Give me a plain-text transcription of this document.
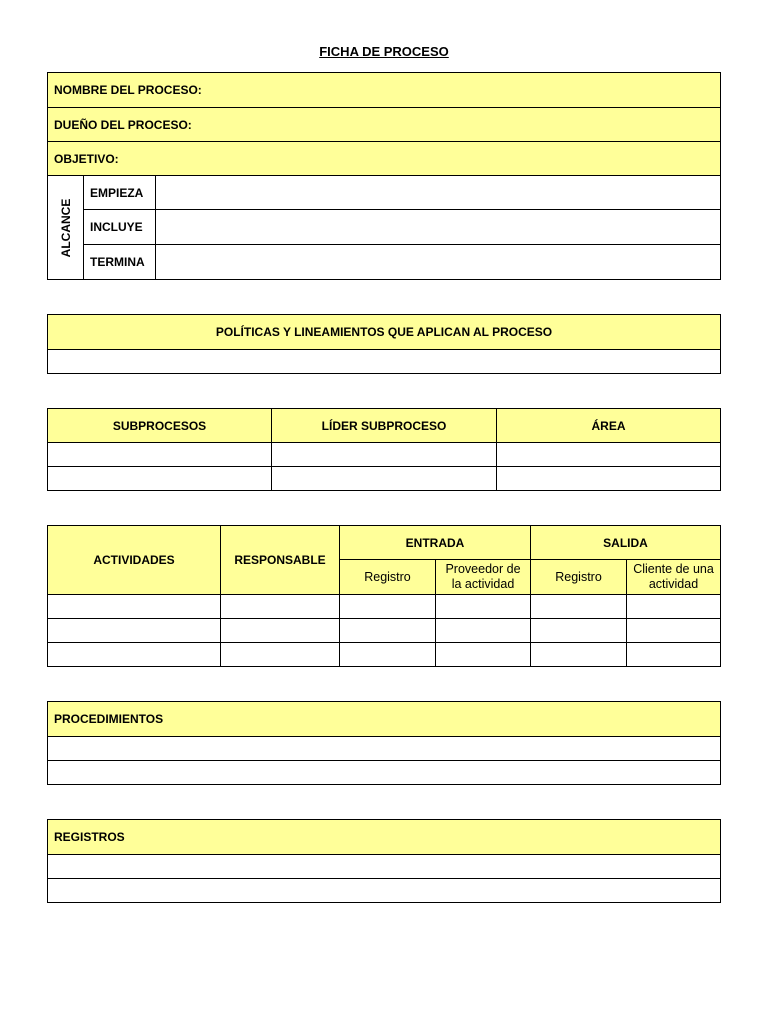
FICHA DE PROCESO
NOMBRE DEL PROCESO:		
DUEÑO DEL PROCESO:		
OBJETIVO:		

ALCANCE	EMPIEZA	
	INCLUYE	
	TERMINA	
POLÍTICAS Y LINEAMIENTOS QUE APLICAN AL PROCESO

SUBPROCESOS	LÍDER SUBPROCESO	ÁREA

ACTIVIDADES	RESPONSABLE	ENTRADA		SALIDA	
		Registro	Proveedor de la actividad	Registro	Cliente de una actividad

PROCEDIMIENTOS

REGISTROS
